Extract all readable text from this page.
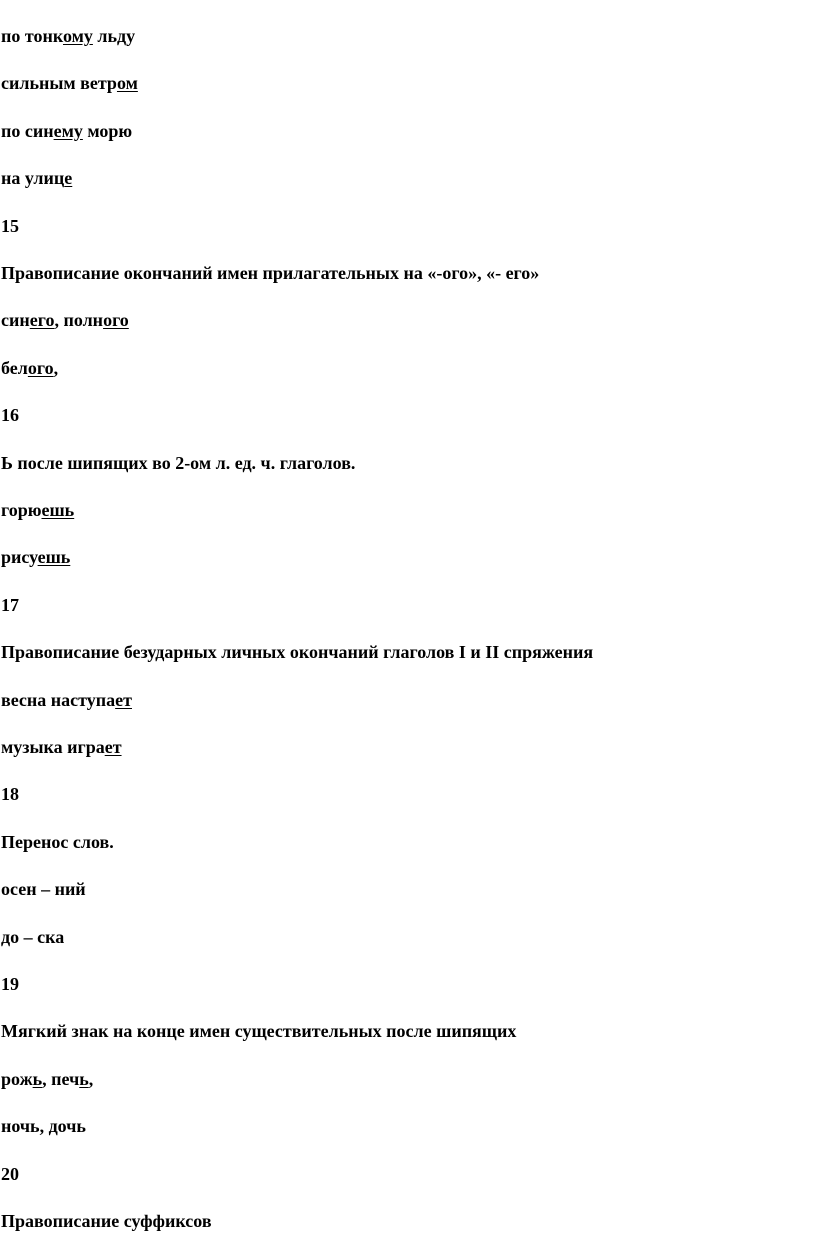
по тонкому льду
сильным ветром
по синему морю
на улице
15
Правописание окончаний имен прилагательных на «-ого», «- его»
синего, полного
белого,
16
Ь после шипящих во 2-ом л. ед. ч. глаголов.
горюешь
рисуешь
17
Правописание безударных личных окончаний глаголов I и II спряжения
весна наступает
музыка играет
18
Перенос слов.
осен – ний
до – ска
19
Мягкий знак на конце имен существительных после шипящих
рожь, печь,
ночь, дочь
20
Правописание суффиксов
